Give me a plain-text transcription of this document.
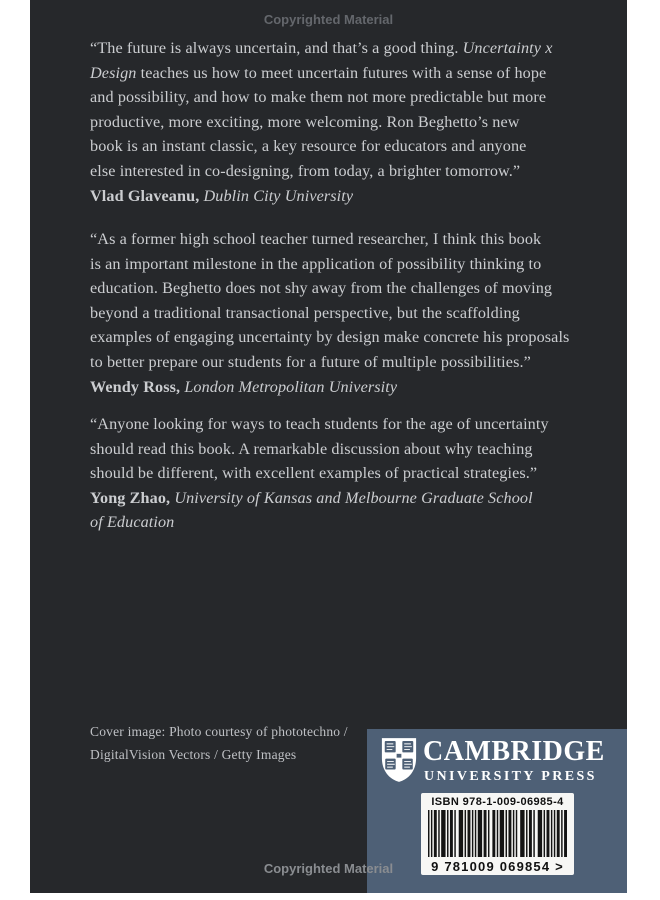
Copyrighted Material
“The future is always uncertain, and that’s a good thing. Uncertainty x
Design teaches us how to meet uncertain futures with a sense of hope
and possibility, and how to make them not more predictable but more
productive, more exciting, more welcoming. Ron Beghetto’s new
book is an instant classic, a key resource for educators and anyone
else interested in co-designing, from today, a brighter tomorrow.”
Vlad Glaveanu, Dublin City University
“As a former high school teacher turned researcher, I think this book
is an important milestone in the application of possibility thinking to
education. Beghetto does not shy away from the challenges of moving
beyond a traditional transactional perspective, but the scaffolding
examples of engaging uncertainty by design make concrete his proposals
to better prepare our students for a future of multiple possibilities.”
Wendy Ross, London Metropolitan University
“Anyone looking for ways to teach students for the age of uncertainty
should read this book. A remarkable discussion about why teaching
should be different, with excellent examples of practical strategies.”
Yong Zhao, University of Kansas and Melbourne Graduate School
of Education
Cover image: Photo courtesy of phototechno /
DigitalVision Vectors / Getty Images	CAMBRIDGE
UNIVERSITY PRESS
ISBN 978-1-009-06985-4
9 781009 069854 >
Copyrighted Material
